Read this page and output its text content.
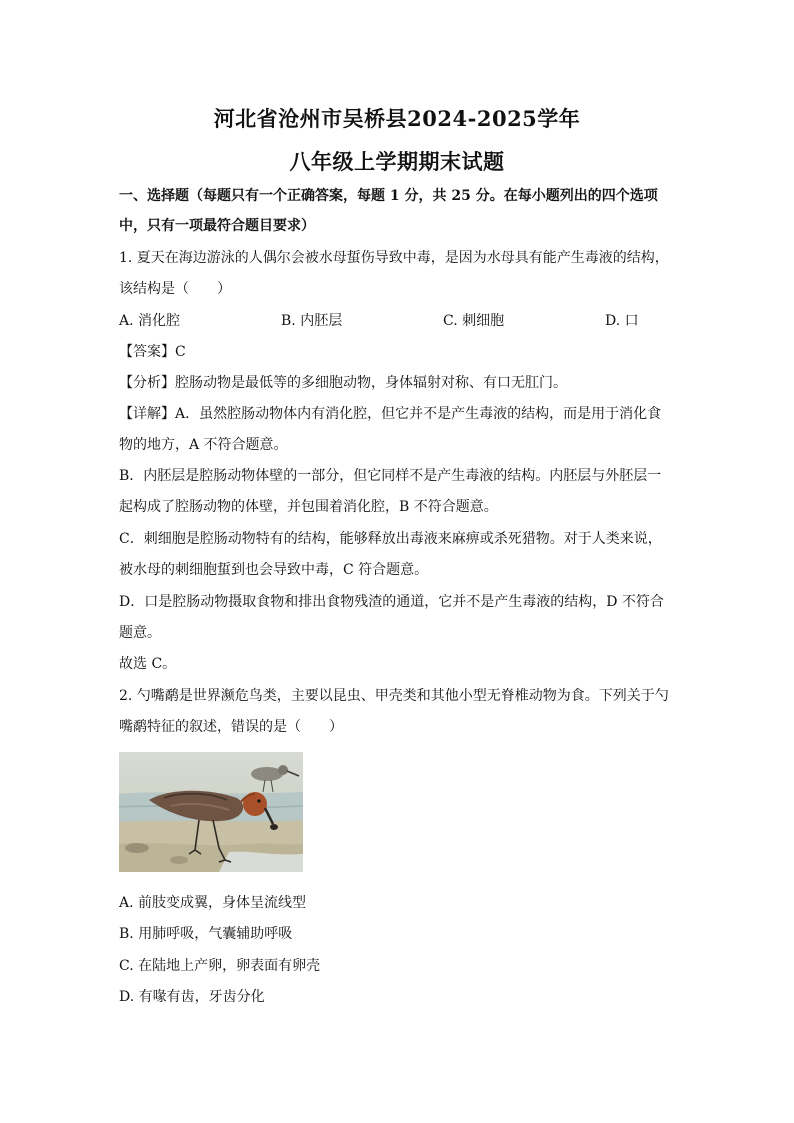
河北省沧州市吴桥县2024-2025学年
八年级上学期期末试题
一、选择题（每题只有一个正确答案，每题 1 分，共 25 分。在每小题列出的四个选项
中，只有一项最符合题目要求）
1. 夏天在海边游泳的人偶尔会被水母蜇伤导致中毒，是因为水母具有能产生毒液的结构，
该结构是（　　）
A. 消化腔	B. 内胚层	C. 刺细胞	D. 口
【答案】C
【分析】腔肠动物是最低等的多细胞动物，身体辐射对称、有口无肛门。
【详解】A．虽然腔肠动物体内有消化腔，但它并不是产生毒液的结构，而是用于消化食
物的地方，A 不符合题意。
B．内胚层是腔肠动物体壁的一部分，但它同样不是产生毒液的结构。内胚层与外胚层一
起构成了腔肠动物的体壁，并包围着消化腔，B 不符合题意。
C．刺细胞是腔肠动物特有的结构，能够释放出毒液来麻痹或杀死猎物。对于人类来说，
被水母的刺细胞蜇到也会导致中毒，C 符合题意。
D．口是腔肠动物摄取食物和排出食物残渣的通道，它并不是产生毒液的结构，D 不符合
题意。
故选 C。
2. 勺嘴鹬是世界濒危鸟类，主要以昆虫、甲壳类和其他小型无脊椎动物为食。下列关于勺
嘴鹬特征的叙述，错误的是（　　）
A. 前肢变成翼，身体呈流线型
B. 用肺呼吸，气囊辅助呼吸
C. 在陆地上产卵，卵表面有卵壳
D. 有喙有齿，牙齿分化
